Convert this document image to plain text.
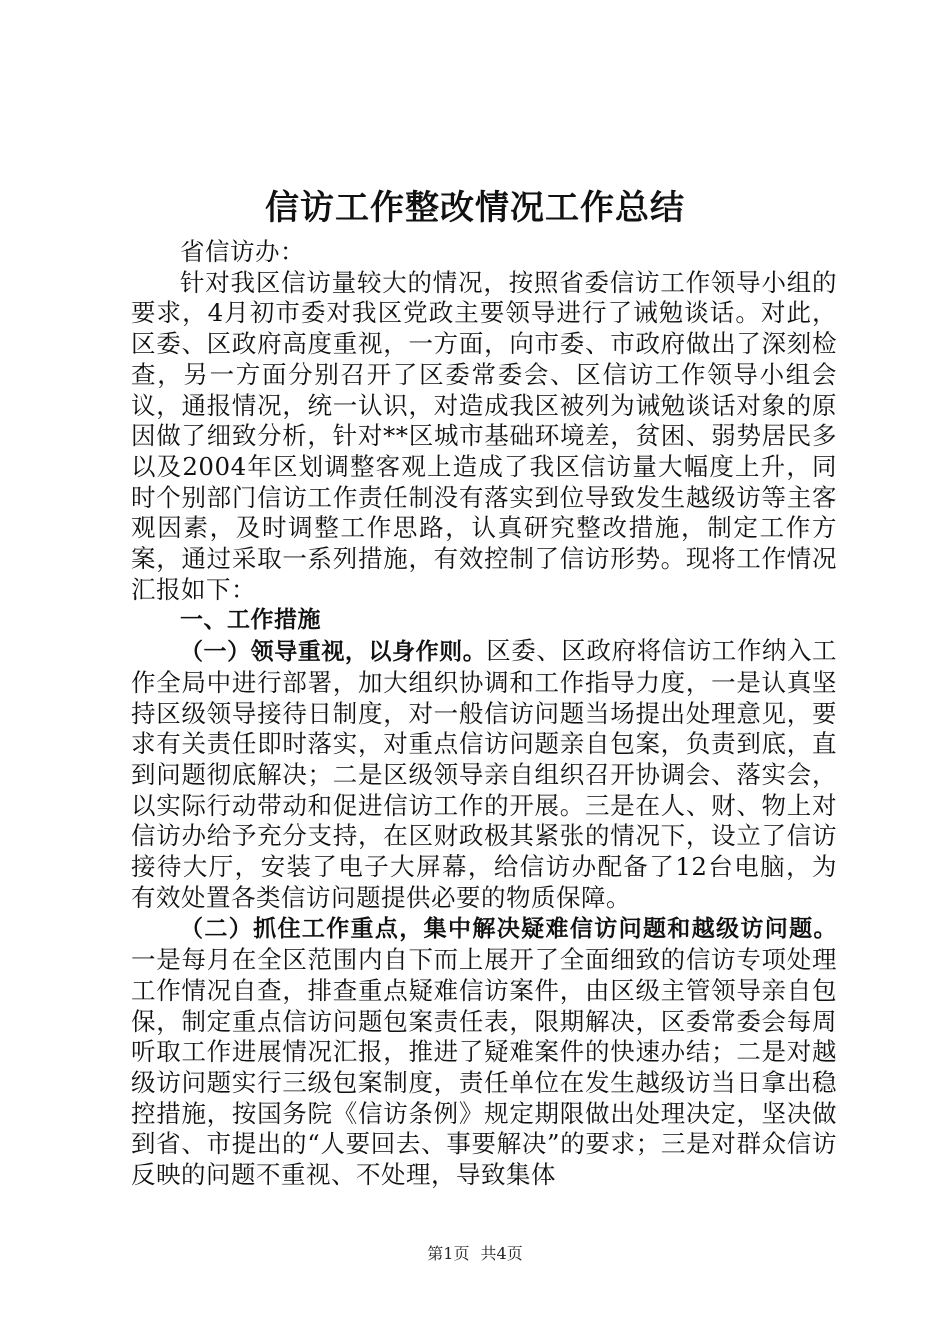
信访工作整改情况工作总结

省信访办：

针对我区信访量较大的情况，按照省委信访工作领导小组的要求，4月初市委对我区党政主要领导进行了诫勉谈话。对此，区委、区政府高度重视，一方面，向市委、市政府做出了深刻检查，另一方面分别召开了区委常委会、区信访工作领导小组会议，通报情况，统一认识，对造成我区被列为诫勉谈话对象的原因做了细致分析，针对**区城市基础环境差，贫困、弱势居民多以及2004年区划调整客观上造成了我区信访量大幅度上升，同时个别部门信访工作责任制没有落实到位导致发生越级访等主客观因素，及时调整工作思路，认真研究整改措施，制定工作方案，通过采取一系列措施，有效控制了信访形势。现将工作情况汇报如下：

一、工作措施

（一）领导重视，以身作则。区委、区政府将信访工作纳入工作全局中进行部署，加大组织协调和工作指导力度，一是认真坚持区级领导接待日制度，对一般信访问题当场提出处理意见，要求有关责任即时落实，对重点信访问题亲自包案，负责到底，直到问题彻底解决；二是区级领导亲自组织召开协调会、落实会，以实际行动带动和促进信访工作的开展。三是在人、财、物上对信访办给予充分支持，在区财政极其紧张的情况下，设立了信访接待大厅，安装了电子大屏幕，给信访办配备了12台电脑，为有效处置各类信访问题提供必要的物质保障。

（二）抓住工作重点，集中解决疑难信访问题和越级访问题。一是每月在全区范围内自下而上展开了全面细致的信访专项处理工作情况自查，排查重点疑难信访案件，由区级主管领导亲自包保，制定重点信访问题包案责任表，限期解决，区委常委会每周听取工作进展情况汇报，推进了疑难案件的快速办结；二是对越级访问题实行三级包案制度，责任单位在发生越级访当日拿出稳控措施，按国务院《信访条例》规定期限做出处理决定，坚决做到省、市提出的“人要回去、事要解决”的要求；三是对群众信访反映的问题不重视、不处理，导致集体

第1页 共4页
